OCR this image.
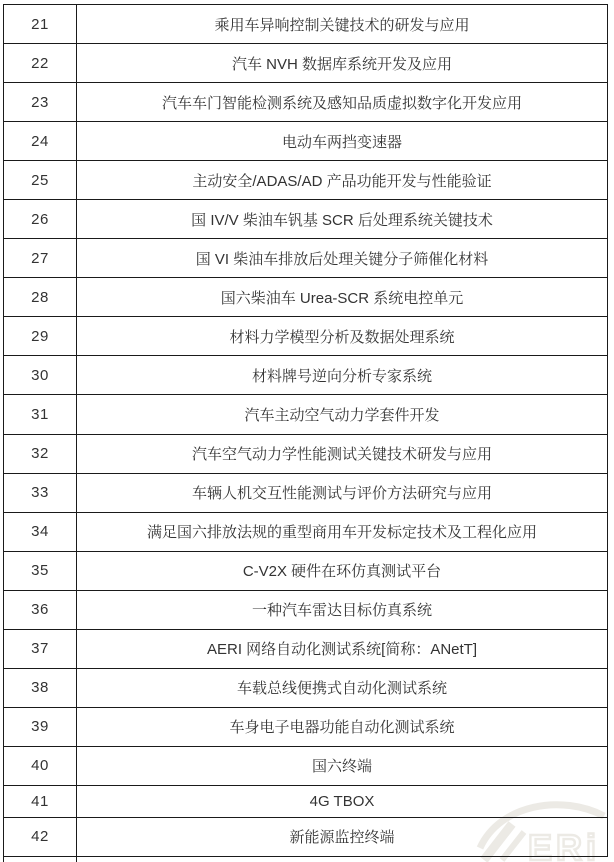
ERi
21	乘用车异响控制关键技术的研发与应用
22	汽车 NVH 数据库系统开发及应用
23	汽车车门智能检测系统及感知品质虚拟数字化开发应用
24	电动车两挡变速器
25	主动安全/ADAS/AD 产品功能开发与性能验证
26	国 IV/V 柴油车钒基 SCR 后处理系统关键技术
27	国 VI 柴油车排放后处理关键分子筛催化材料
28	国六柴油车 Urea-SCR 系统电控单元
29	材料力学模型分析及数据处理系统
30	材料牌号逆向分析专家系统
31	汽车主动空气动力学套件开发
32	汽车空气动力学性能测试关键技术研发与应用
33	车辆人机交互性能测试与评价方法研究与应用
34	满足国六排放法规的重型商用车开发标定技术及工程化应用
35	C-V2X 硬件在环仿真测试平台
36	一种汽车雷达目标仿真系统
37	AERI 网络自动化测试系统[简称：ANetT]
38	车载总线便携式自动化测试系统
39	车身电子电器功能自动化测试系统
40	国六终端
41	4G TBOX
42	新能源监控终端
